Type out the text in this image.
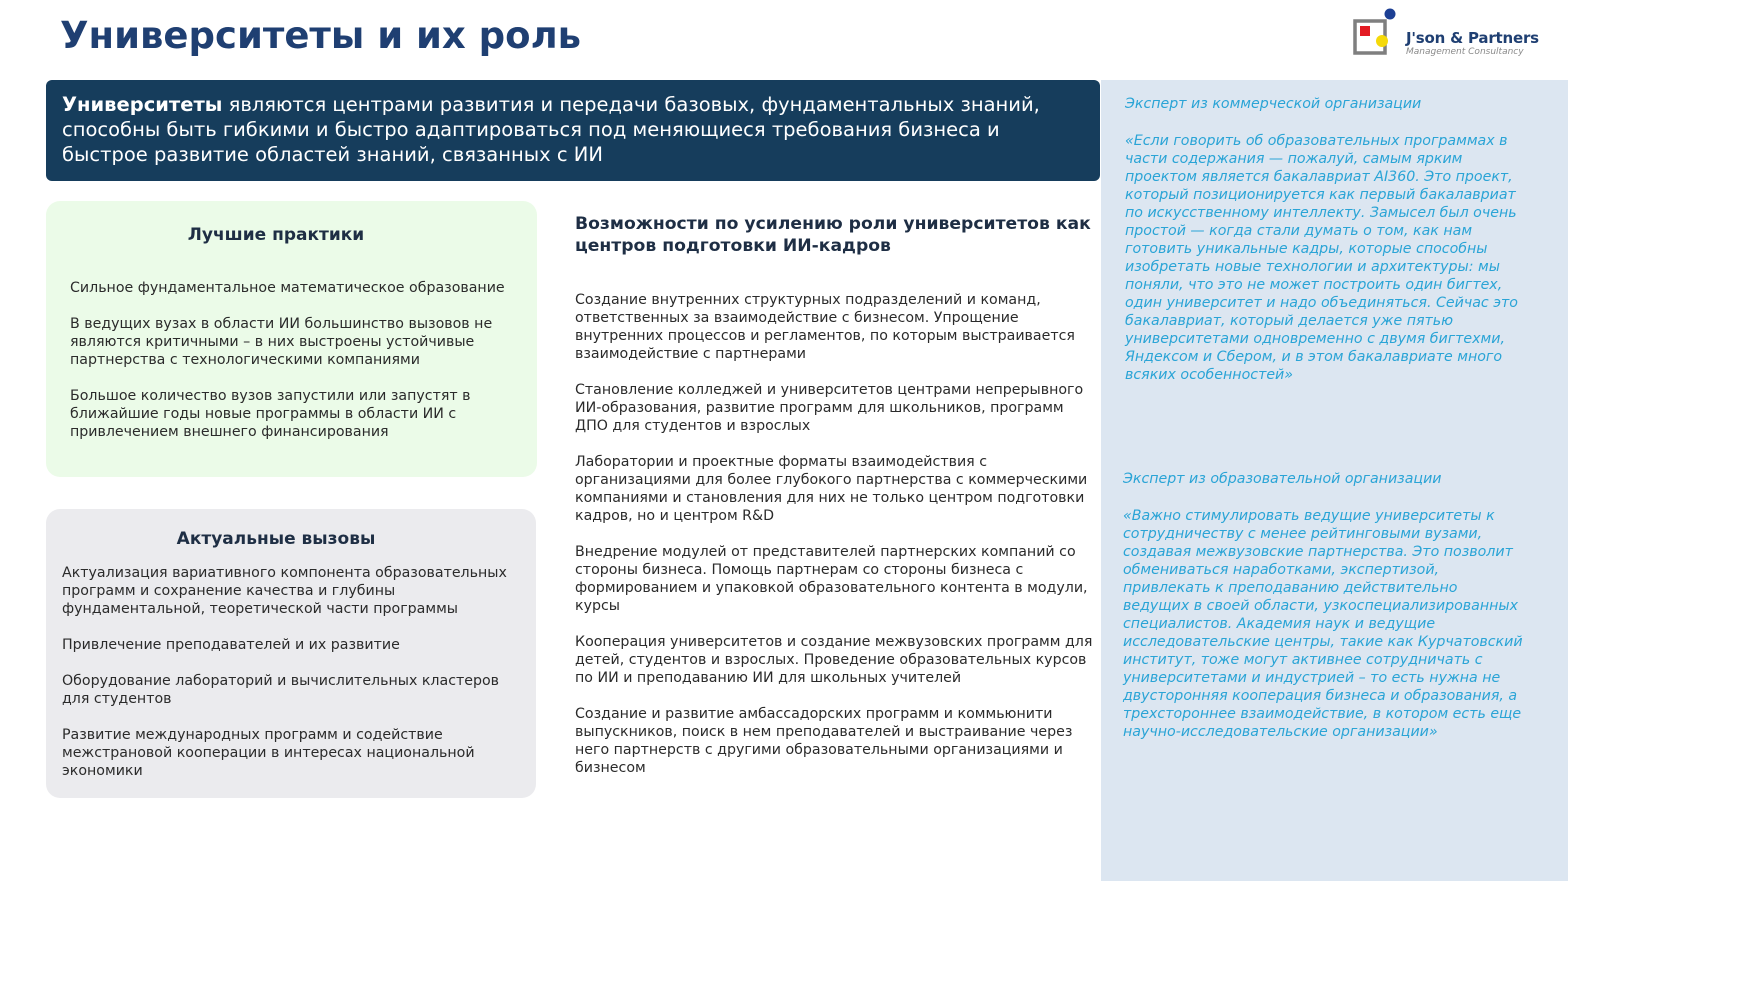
Университеты и их роль	J'son & Partners
Management Consultancy
Университеты являются центрами развития и передачи базовых, фундаментальных знаний, способны быть гибкими и быстро адаптироваться под меняющиеся требования бизнеса и быстрое развитие областей знаний, связанных с ИИ
Лучшие практики
Сильное фундаментальное математическое образование
В ведущих вузах в области ИИ большинство вызовов не являются критичными – в них выстроены устойчивые партнерства с технологическими компаниями
Большое количество вузов запустили или запустят в ближайшие годы новые программы в области ИИ с привлечением внешнего финансирования
Актуальные вызовы
Актуализация вариативного компонента образовательных программ и сохранение качества и глубины фундаментальной, теоретической части программы
Привлечение преподавателей и их развитие
Оборудование лабораторий и вычислительных кластеров для студентов
Развитие международных программ и содействие межстрановой кооперации в интересах национальной экономики
Возможности по усилению роли университетов как центров подготовки ИИ-кадров
Создание внутренних структурных подразделений и команд, ответственных за взаимодействие с бизнесом. Упрощение внутренних процессов и регламентов, по которым выстраивается взаимодействие с партнерами
Становление колледжей и университетов центрами непрерывного ИИ-образования, развитие программ для школьников, программ ДПО для студентов и взрослых
Лаборатории и проектные форматы взаимодействия с организациями для более глубокого партнерства с коммерческими компаниями и становления для них не только центром подготовки кадров, но и центром R&D
Внедрение модулей от представителей партнерских компаний со стороны бизнеса. Помощь партнерам со стороны бизнеса с формированием и упаковкой образовательного контента в модули, курсы
Кооперация университетов и создание межвузовских программ для детей, студентов и взрослых. Проведение образовательных курсов по ИИ и преподаванию ИИ для школьных учителей
Создание и развитие амбассадорских программ и коммьюнити выпускников, поиск в нем преподавателей и выстраивание через него партнерств с другими образовательными организациями и бизнесом
Эксперт из коммерческой организации
«Если говорить об образовательных программах в части содержания — пожалуй, самым ярким проектом является бакалавриат AI360. Это проект, который позиционируется как первый бакалавриат по искусственному интеллекту. Замысел был очень простой — когда стали думать о том, как нам готовить уникальные кадры, которые способны изобретать новые технологии и архитектуры: мы поняли, что это не может построить один бигтех, один университет и надо объединяться. Сейчас это бакалавриат, который делается уже пятью университетами одновременно с двумя бигтехми, Яндексом и Сбером, и в этом бакалавриате много всяких особенностей»
Эксперт из образовательной организации
«Важно стимулировать ведущие университеты к сотрудничеству с менее рейтинговыми вузами, создавая межвузовские партнерства. Это позволит обмениваться наработками, экспертизой, привлекать к преподаванию действительно ведущих в своей области, узкоспециализированных специалистов. Академия наук и ведущие исследовательские центры, такие как Курчатовский институт, тоже могут активнее сотрудничать с университетами и индустрией – то есть нужна не двусторонняя кооперация бизнеса и образования, а трехстороннее взаимодействие, в котором есть еще научно-исследовательские организации»
